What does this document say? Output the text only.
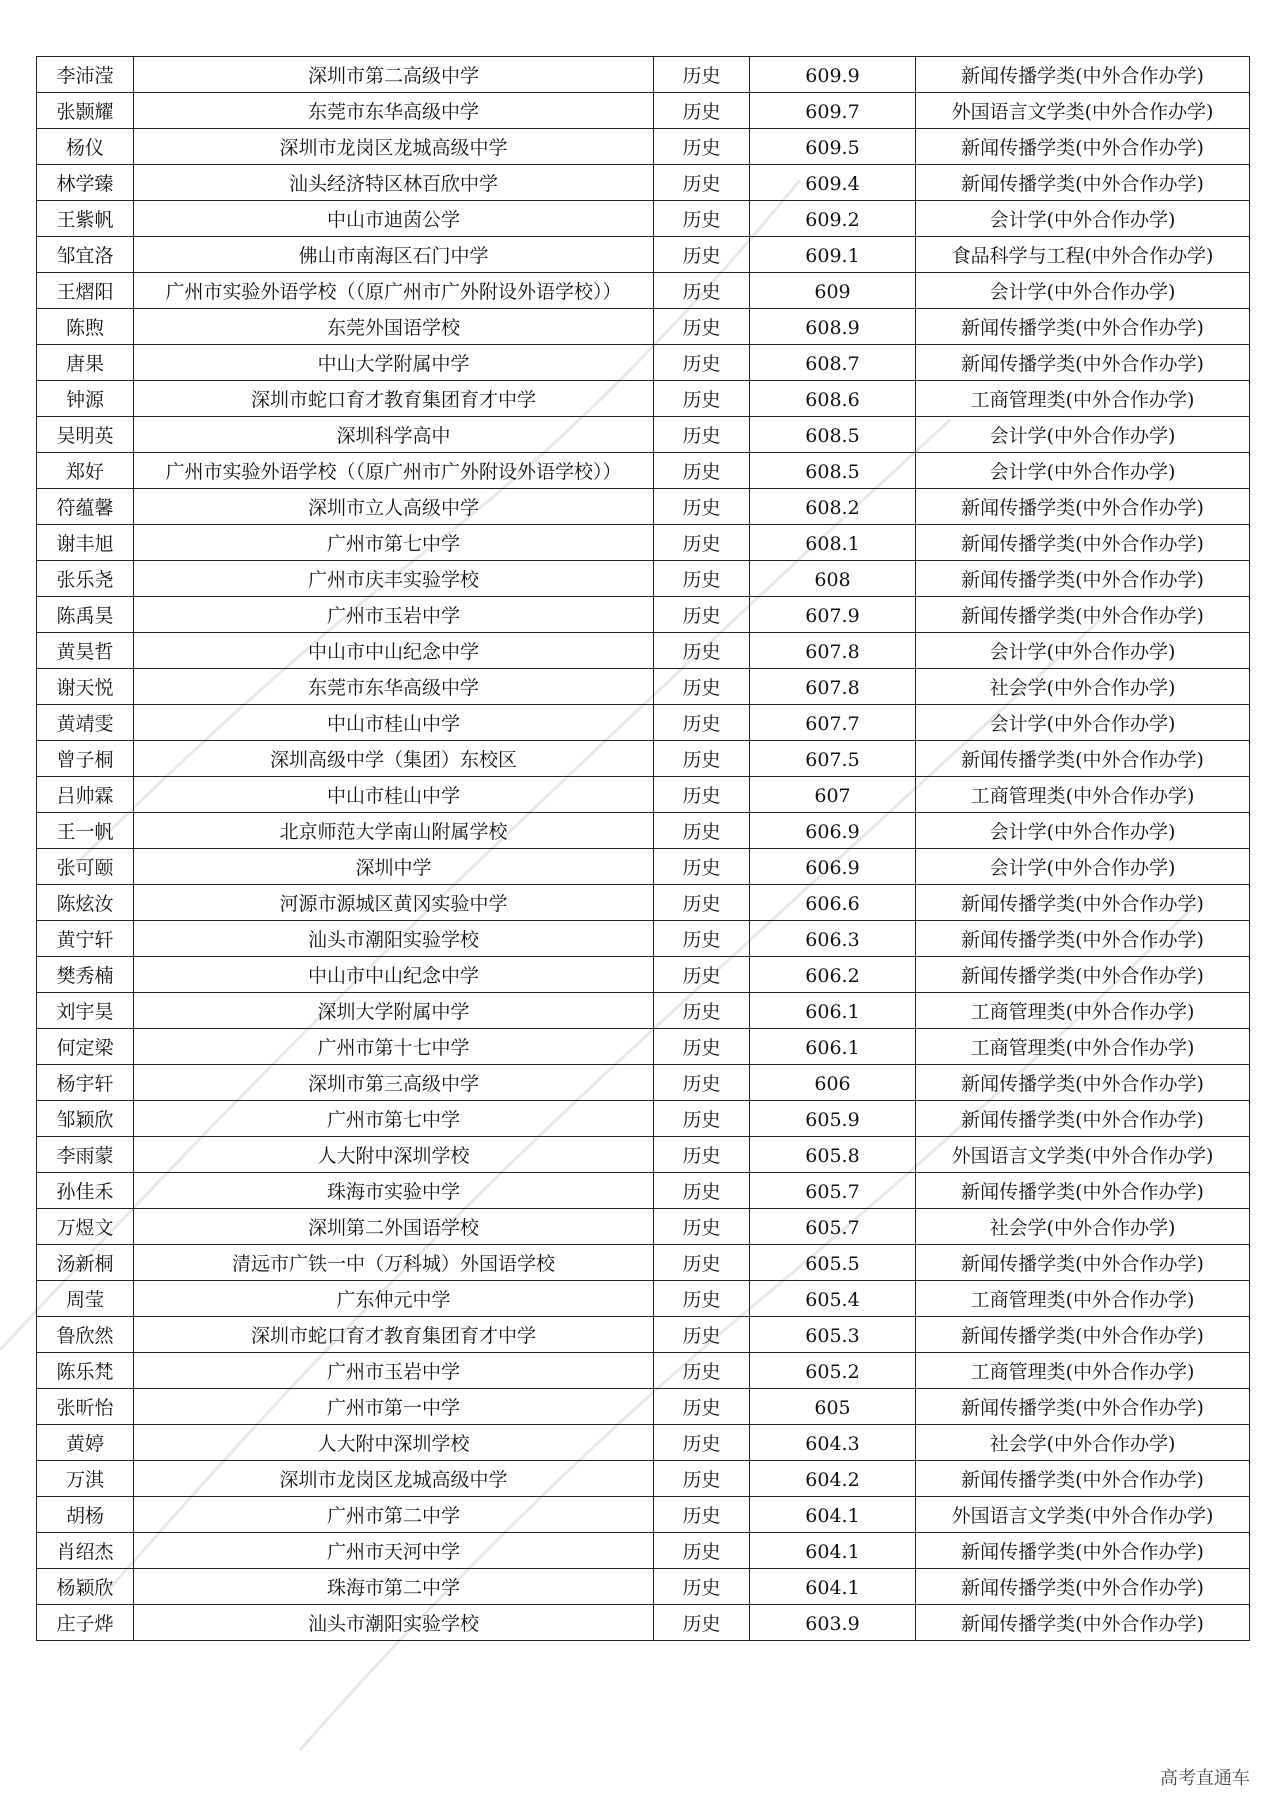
李沛滢	深圳市第二高级中学	历史	609.9	新闻传播学类(中外合作办学)
张颢耀	东莞市东华高级中学	历史	609.7	外国语言文学类(中外合作办学)
杨仪	深圳市龙岗区龙城高级中学	历史	609.5	新闻传播学类(中外合作办学)
林学臻	汕头经济特区林百欣中学	历史	609.4	新闻传播学类(中外合作办学)
王紫帆	中山市迪茵公学	历史	609.2	会计学(中外合作办学)
邹宜洛	佛山市南海区石门中学	历史	609.1	食品科学与工程(中外合作办学)
王熠阳	广州市实验外语学校（（原广州市广外附设外语学校））	历史	609	会计学(中外合作办学)
陈煦	东莞外国语学校	历史	608.9	新闻传播学类(中外合作办学)
唐果	中山大学附属中学	历史	608.7	新闻传播学类(中外合作办学)
钟源	深圳市蛇口育才教育集团育才中学	历史	608.6	工商管理类(中外合作办学)
吴明英	深圳科学高中	历史	608.5	会计学(中外合作办学)
郑好	广州市实验外语学校（（原广州市广外附设外语学校））	历史	608.5	会计学(中外合作办学)
符蕴馨	深圳市立人高级中学	历史	608.2	新闻传播学类(中外合作办学)
谢丰旭	广州市第七中学	历史	608.1	新闻传播学类(中外合作办学)
张乐尧	广州市庆丰实验学校	历史	608	新闻传播学类(中外合作办学)
陈禹昊	广州市玉岩中学	历史	607.9	新闻传播学类(中外合作办学)
黄昊哲	中山市中山纪念中学	历史	607.8	会计学(中外合作办学)
谢天悦	东莞市东华高级中学	历史	607.8	社会学(中外合作办学)
黄靖雯	中山市桂山中学	历史	607.7	会计学(中外合作办学)
曾子桐	深圳高级中学（集团）东校区	历史	607.5	新闻传播学类(中外合作办学)
吕帅霖	中山市桂山中学	历史	607	工商管理类(中外合作办学)
王一帆	北京师范大学南山附属学校	历史	606.9	会计学(中外合作办学)
张可颐	深圳中学	历史	606.9	会计学(中外合作办学)
陈炫汝	河源市源城区黄冈实验中学	历史	606.6	新闻传播学类(中外合作办学)
黄宁轩	汕头市潮阳实验学校	历史	606.3	新闻传播学类(中外合作办学)
樊秀楠	中山市中山纪念中学	历史	606.2	新闻传播学类(中外合作办学)
刘宇昊	深圳大学附属中学	历史	606.1	工商管理类(中外合作办学)
何定梁	广州市第十七中学	历史	606.1	工商管理类(中外合作办学)
杨宇轩	深圳市第三高级中学	历史	606	新闻传播学类(中外合作办学)
邹颖欣	广州市第七中学	历史	605.9	新闻传播学类(中外合作办学)
李雨蒙	人大附中深圳学校	历史	605.8	外国语言文学类(中外合作办学)
孙佳禾	珠海市实验中学	历史	605.7	新闻传播学类(中外合作办学)
万煜文	深圳第二外国语学校	历史	605.7	社会学(中外合作办学)
汤新桐	清远市广铁一中（万科城）外国语学校	历史	605.5	新闻传播学类(中外合作办学)
周莹	广东仲元中学	历史	605.4	工商管理类(中外合作办学)
鲁欣然	深圳市蛇口育才教育集团育才中学	历史	605.3	新闻传播学类(中外合作办学)
陈乐梵	广州市玉岩中学	历史	605.2	工商管理类(中外合作办学)
张昕怡	广州市第一中学	历史	605	新闻传播学类(中外合作办学)
黄婷	人大附中深圳学校	历史	604.3	社会学(中外合作办学)
万淇	深圳市龙岗区龙城高级中学	历史	604.2	新闻传播学类(中外合作办学)
胡杨	广州市第二中学	历史	604.1	外国语言文学类(中外合作办学)
肖绍杰	广州市天河中学	历史	604.1	新闻传播学类(中外合作办学)
杨颖欣	珠海市第二中学	历史	604.1	新闻传播学类(中外合作办学)
庄子烨	汕头市潮阳实验学校	历史	603.9	新闻传播学类(中外合作办学)
高考直通车
